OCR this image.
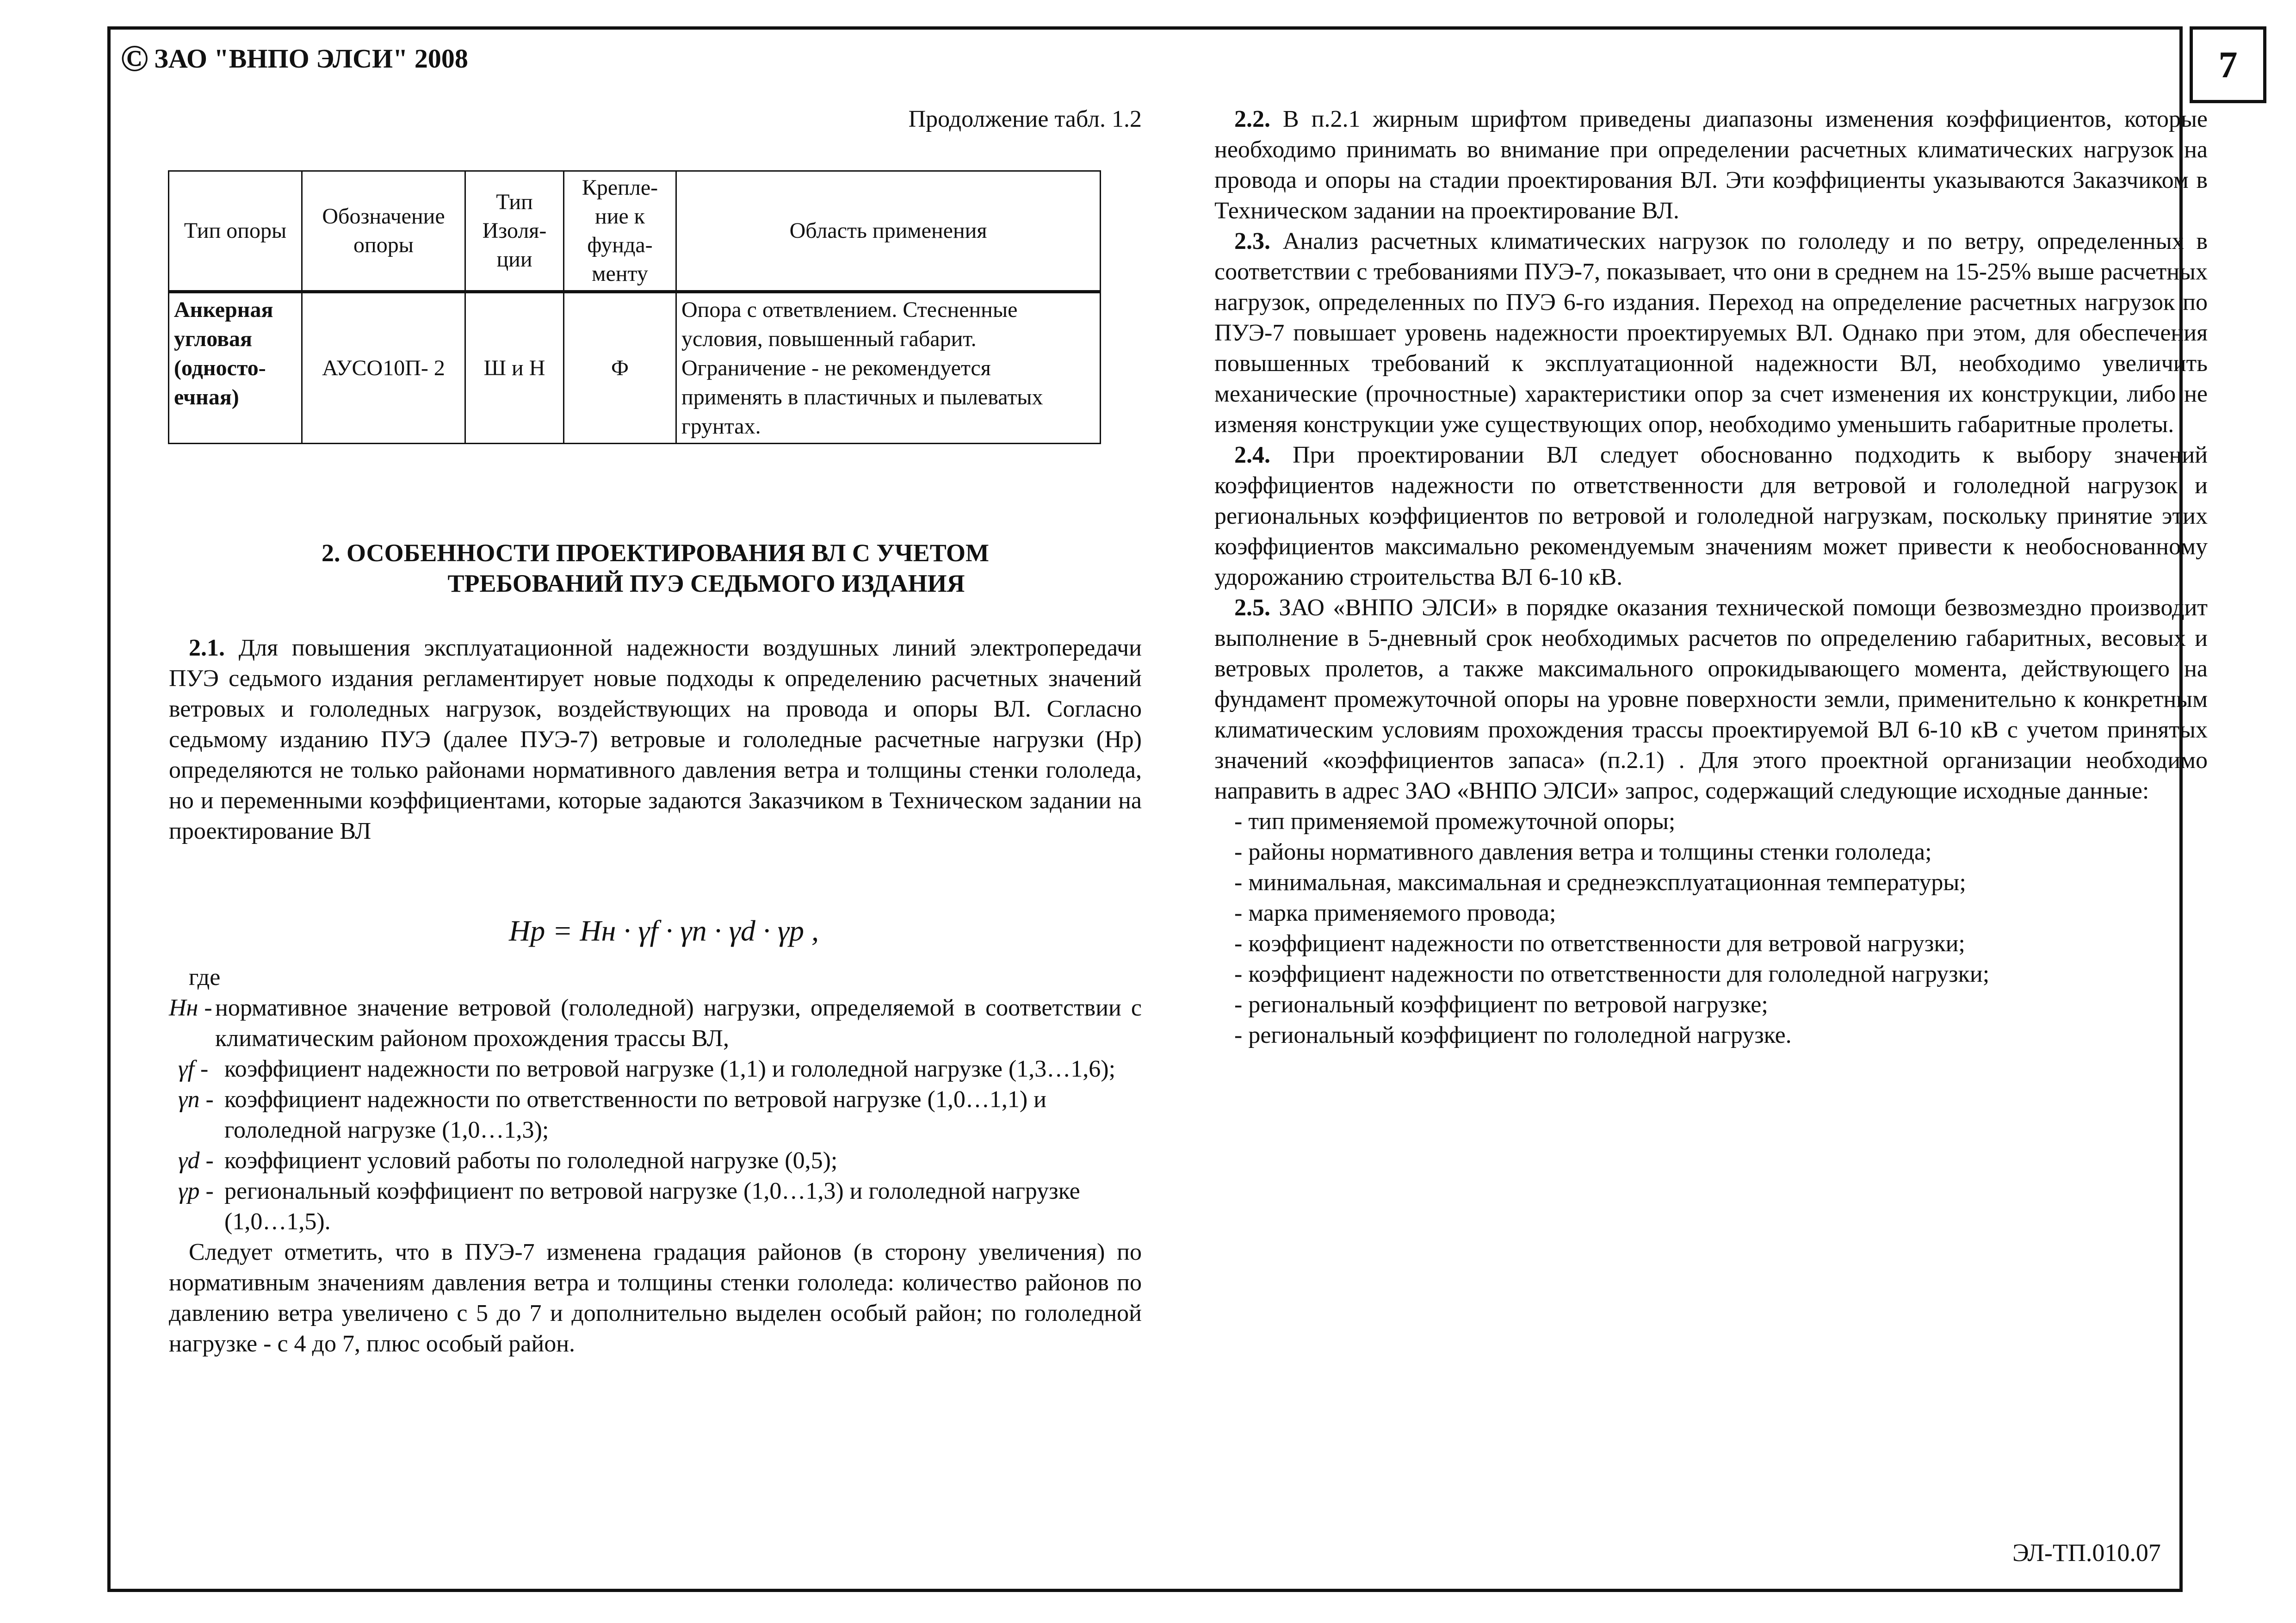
7
© ЗАО "ВНПО ЭЛСИ" 2008
ЭЛ-ТП.010.07
Продолжение табл. 1.2
Тип опоры	Обозначение опоры	Тип Изоля-ции	Крепле-ние к фунда-менту	Область применения
Анкерная угловая (односто-ечная)	АУСО10П- 2	Ш и Н	Ф	Опора с ответвлением. Стесненные условия, повышенный габарит. Ограничение - не рекомендуется применять в пластичных и пылеватых грунтах.
2. ОСОБЕННОСТИ ПРОЕКТИРОВАНИЯ ВЛ С УЧЕТОМ
ТРЕБОВАНИЙ ПУЭ СЕДЬМОГО ИЗДАНИЯ

2.1. Для повышения эксплуатационной надежности воздушных линий электропередачи ПУЭ седьмого издания регламентирует новые подходы к определению расчетных значений ветровых и гололедных нагрузок, воздействующих на провода и опоры ВЛ. Согласно седьмому изданию ПУЭ (далее ПУЭ-7) ветровые и гололедные расчетные нагрузки (Hр) определяются не только районами нормативного давления ветра и толщины стенки гололеда, но и переменными коэффициентами, которые задаются Заказчиком в Техническом задании на проектирование ВЛ

Hр = Hн · γf · γn · γd · γр ,

где

Hн - нормативное значение ветровой (гололедной) нагрузки, определяемой в соответствии с климатическим районом прохождения трассы ВЛ,
γf - коэффициент надежности по ветровой нагрузке (1,1) и гололедной нагрузке (1,3…1,6);
γn - коэффициент надежности по ответственности по ветровой нагрузке (1,0…1,1) и гололедной нагрузке (1,0…1,3);
γd - коэффициент условий работы по гололедной нагрузке (0,5);
γр - региональный коэффициент по ветровой нагрузке (1,0…1,3) и гололедной нагрузке (1,0…1,5).

Следует отметить, что в ПУЭ-7 изменена градация районов (в сторону увеличения) по нормативным значениям давления ветра и толщины стенки гололеда: количество районов по давлению ветра увеличено с 5 до 7 и дополнительно выделен особый район; по гололедной нагрузке - с 4 до 7, плюс особый район.

2.2. В п.2.1 жирным шрифтом приведены диапазоны изменения коэффициентов, которые необходимо принимать во внимание при определении расчетных климатических нагрузок на провода и опоры на стадии проектирования ВЛ. Эти коэффициенты указываются Заказчиком в Техническом задании на проектирование ВЛ.

2.3. Анализ расчетных климатических нагрузок по гололеду и по ветру, определенных в соответствии с требованиями ПУЭ-7, показывает, что они в среднем на 15-25% выше расчетных нагрузок, определенных по ПУЭ 6-го издания. Переход на определение расчетных нагрузок по ПУЭ-7 повышает уровень надежности проектируемых ВЛ. Однако при этом, для обеспечения повышенных требований к эксплуатационной надежности ВЛ, необходимо увеличить механические (прочностные) характеристики опор за счет изменения их конструкции, либо не изменяя конструкции уже существующих опор, необходимо уменьшить габаритные пролеты.

2.4. При проектировании ВЛ следует обоснованно подходить к выбору значений коэффициентов надежности по ответственности для ветровой и гололедной нагрузок и региональных коэффициентов по ветровой и гололедной нагрузкам, поскольку принятие этих коэффициентов максимально рекомендуемым значениям может привести к необоснованному удорожанию строительства ВЛ 6-10 кВ.

2.5. ЗАО «ВНПО ЭЛСИ» в порядке оказания технической помощи безвозмездно производит выполнение в 5-дневный срок необходимых расчетов по определению габаритных, весовых и ветровых пролетов, а также максимального опрокидывающего момента, действующего на фундамент промежуточной опоры на уровне поверхности земли, применительно к конкретным климатическим условиям прохождения трассы проектируемой ВЛ 6-10 кВ с учетом принятых значений «коэффициентов запаса» (п.2.1) . Для этого проектной организации необходимо направить в адрес ЗАО «ВНПО ЭЛСИ» запрос, содержащий следующие исходные данные:

- тип применяемой промежуточной опоры;

- районы нормативного давления ветра и толщины стенки гололеда;

- минимальная, максимальная и среднеэксплуатационная температуры;

- марка применяемого провода;

- коэффициент надежности по ответственности для ветровой нагрузки;

- коэффициент надежности по ответственности для гололедной нагрузки;

- региональный коэффициент по ветровой нагрузке;

- региональный коэффициент по гололедной нагрузке.
